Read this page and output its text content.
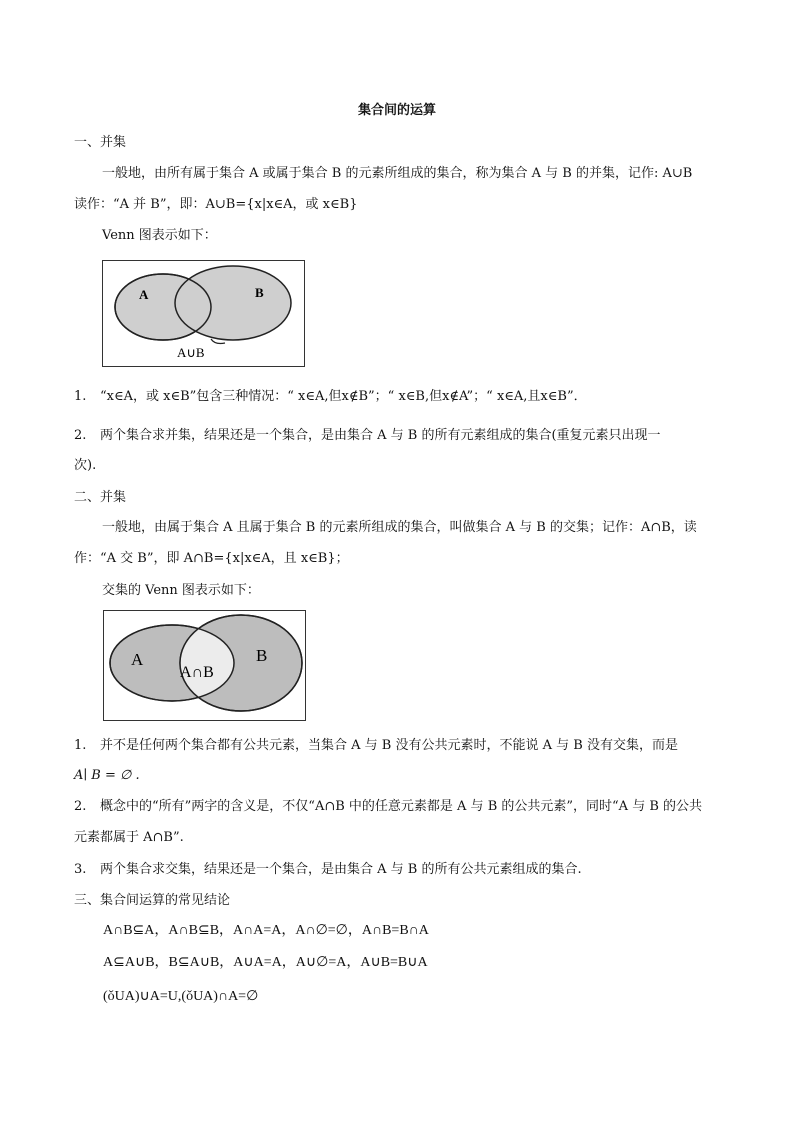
集合间的运算
一、并集
一般地，由所有属于集合 A 或属于集合 B 的元素所组成的集合，称为集合 A 与 B 的并集，记作: A∪B
读作：“A 并 B”，即：A∪B={x|x∈A，或 x∈B}
Venn 图表示如下：
A	B
A∪B
1. “x∈A，或 x∈B”包含三种情况：“ x∈A,但x∉B”；“ x∈B,但x∉A”；“ x∈A,且x∈B”．
2. 两个集合求并集，结果还是一个集合，是由集合 A 与 B 的所有元素组成的集合(重复元素只出现一
次).
二、并集
一般地，由属于集合 A 且属于集合 B 的元素所组成的集合，叫做集合 A 与 B 的交集；记作：A∩B，读
作：“A 交 B”，即 A∩B={x|x∈A，且 x∈B}；
交集的 Venn 图表示如下：
A	B
A∩B
1. 并不是任何两个集合都有公共元素，当集合 A 与 B 没有公共元素时，不能说 A 与 B 没有交集，而是
A∣ B = ∅ .
2. 概念中的“所有”两字的含义是，不仅“A∩B 中的任意元素都是 A 与 B 的公共元素”，同时“A 与 B 的公共
元素都属于 A∩B”.
3. 两个集合求交集，结果还是一个集合，是由集合 A 与 B 的所有公共元素组成的集合.
三、集合间运算的常见结论
A∩B⊆A，A∩B⊆B，A∩A=A，A∩∅=∅，A∩B=B∩A
A⊆A∪B，B⊆A∪B，A∪A=A，A∪∅=A，A∪B=B∪A
(ǒUA)∪A=U,(ǒUA)∩A=∅
